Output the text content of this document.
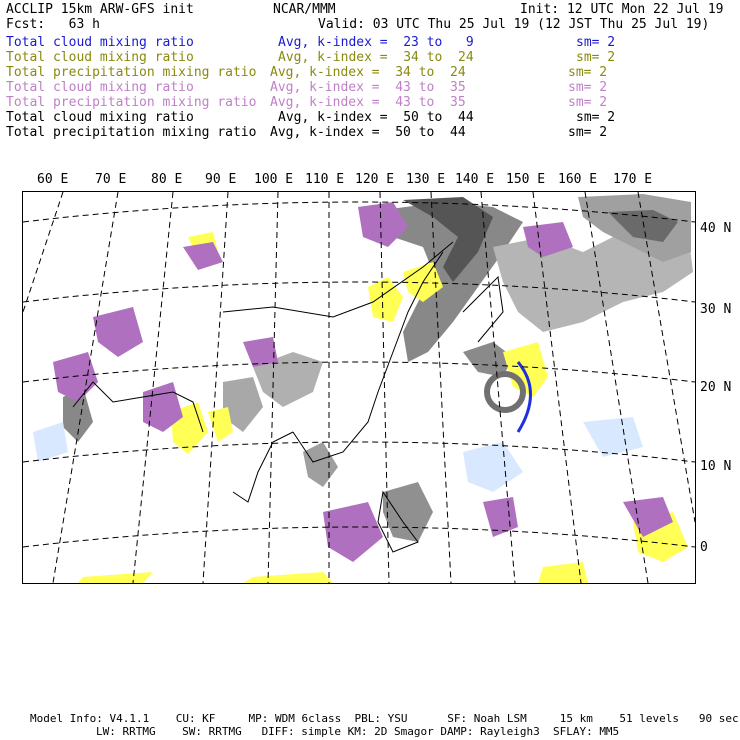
ACCLIP 15km ARW-GFS init	NCAR/MMM	Init: 12 UTC Mon 22 Jul 19
Fcst:   63 h	Valid: 03 UTC Thu 25 Jul 19 (12 JST Thu 25 Jul 19)

Total cloud mixing ratio

	Avg, k-index =  23 to   9

	sm= 2

Total cloud mixing ratio

	Avg, k-index =  34 to  24

	sm= 2

Total precipitation mixing ratio

Avg, k-index =  34 to  24

	sm= 2

Total cloud mixing ratio

	Avg, k-index =  43 to  35

	sm= 2

Total precipitation mixing ratio

Avg, k-index =  43 to  35

	sm= 2

Total cloud mixing ratio

	Avg, k-index =  50 to  44

	sm= 2

Total precipitation mixing ratio

Avg, k-index =  50 to  44

	sm= 2

60 E 70 E 80 E 90 E 100 E 110 E 120 E 130 E 140 E 150 E 160 E 170 E
40 N
30 N
20 N
10 N
0
Model Info: V4.1.1    CU: KF     MP: WDM 6class  PBL: YSU      SF: Noah LSM     15 km    51 levels   90 sec
LW: RRTMG    SW: RRTMG   DIFF: simple KM: 2D Smagor DAMP: Rayleigh3  SFLAY: MM5
